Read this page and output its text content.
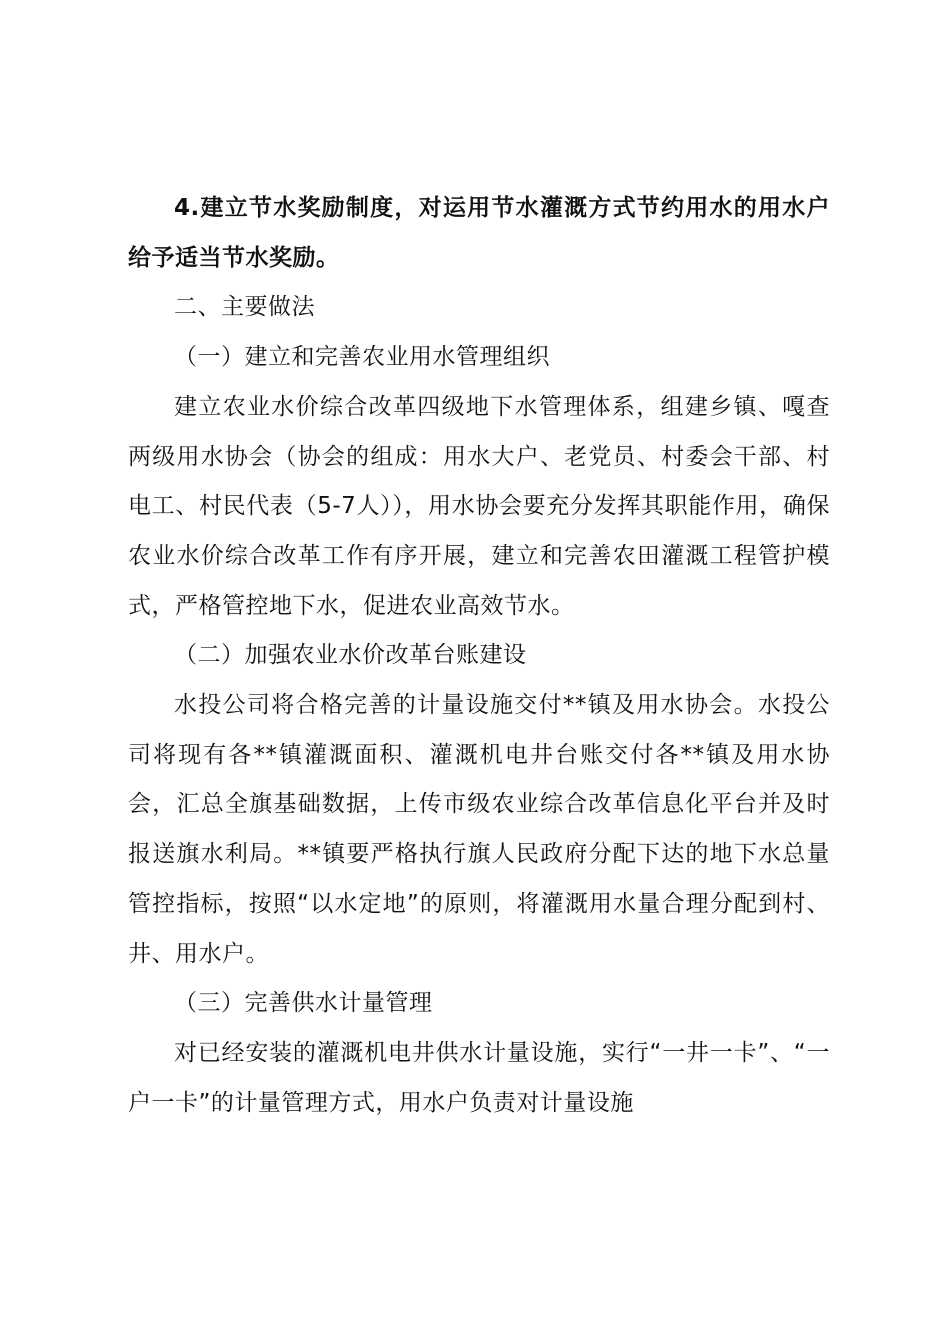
4.建立节水奖励制度，对运用节水灌溉方式节约用水的用水户给予适当节水奖励。

二、主要做法

（一）建立和完善农业用水管理组织

建立农业水价综合改革四级地下水管理体系，组建乡镇、嘎查两级用水协会（协会的组成：用水大户、老党员、村委会干部、村电工、村民代表（5-7人）），用水协会要充分发挥其职能作用，确保农业水价综合改革工作有序开展，建立和完善农田灌溉工程管护模式，严格管控地下水，促进农业高效节水。

（二）加强农业水价改革台账建设

水投公司将合格完善的计量设施交付**镇及用水协会。水投公司将现有各**镇灌溉面积、灌溉机电井台账交付各**镇及用水协会，汇总全旗基础数据，上传市级农业综合改革信息化平台并及时报送旗水利局。**镇要严格执行旗人民政府分配下达的地下水总量管控指标，按照“以水定地”的原则，将灌溉用水量合理分配到村、井、用水户。

（三）完善供水计量管理

对已经安装的灌溉机电井供水计量设施，实行“一井一卡”、“一户一卡”的计量管理方式，用水户负责对计量设施
